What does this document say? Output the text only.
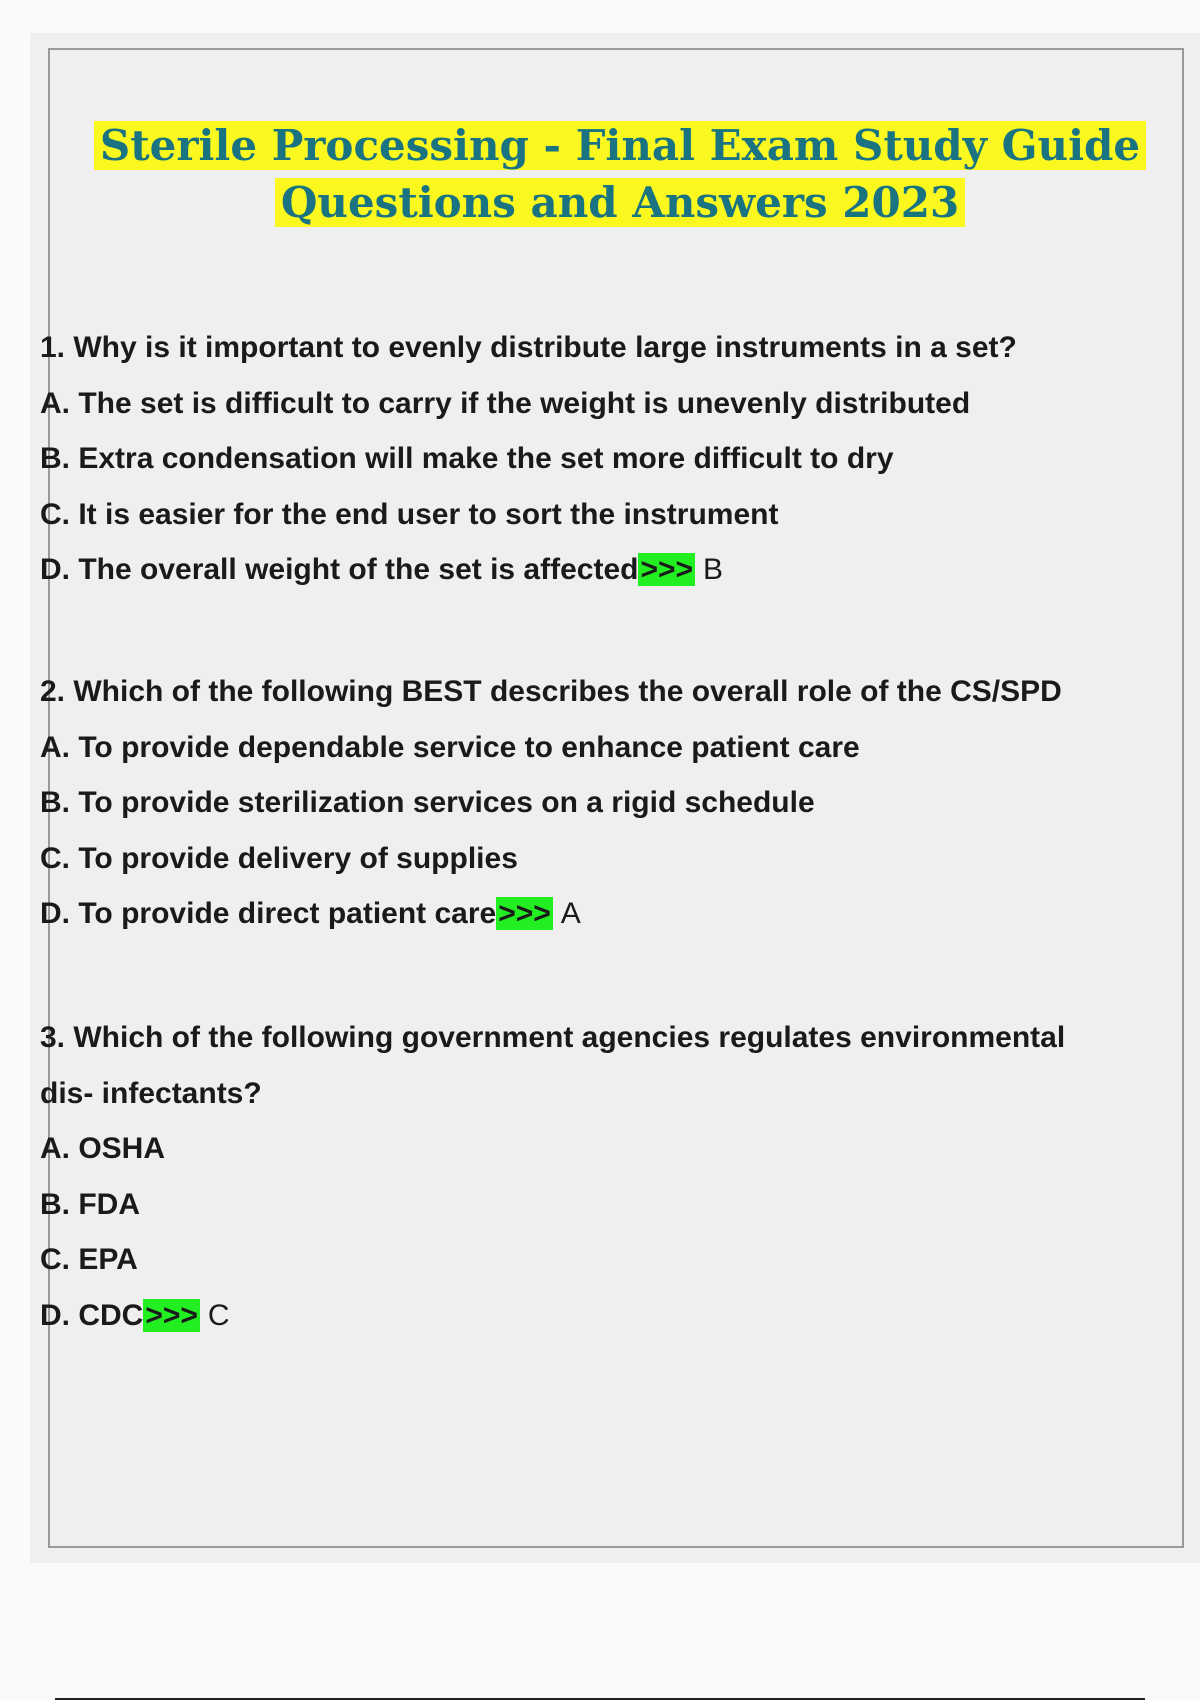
Sterile Processing - Final Exam Study Guide
Questions and Answers 2023
1. Why is it important to evenly distribute large instruments in a set?
A. The set is difficult to carry if the weight is unevenly distributed
B. Extra condensation will make the set more difficult to dry
C. It is easier for the end user to sort the instrument
D. The overall weight of the set is affected>>> B
2. Which of the following BEST describes the overall role of the CS/SPD
A. To provide dependable service to enhance patient care
B. To provide sterilization services on a rigid schedule
C. To provide delivery of supplies
D. To provide direct patient care>>> A
3. Which of the following government agencies regulates environmental
dis- infectants?
A. OSHA
B. FDA
C. EPA
D. CDC>>> C
